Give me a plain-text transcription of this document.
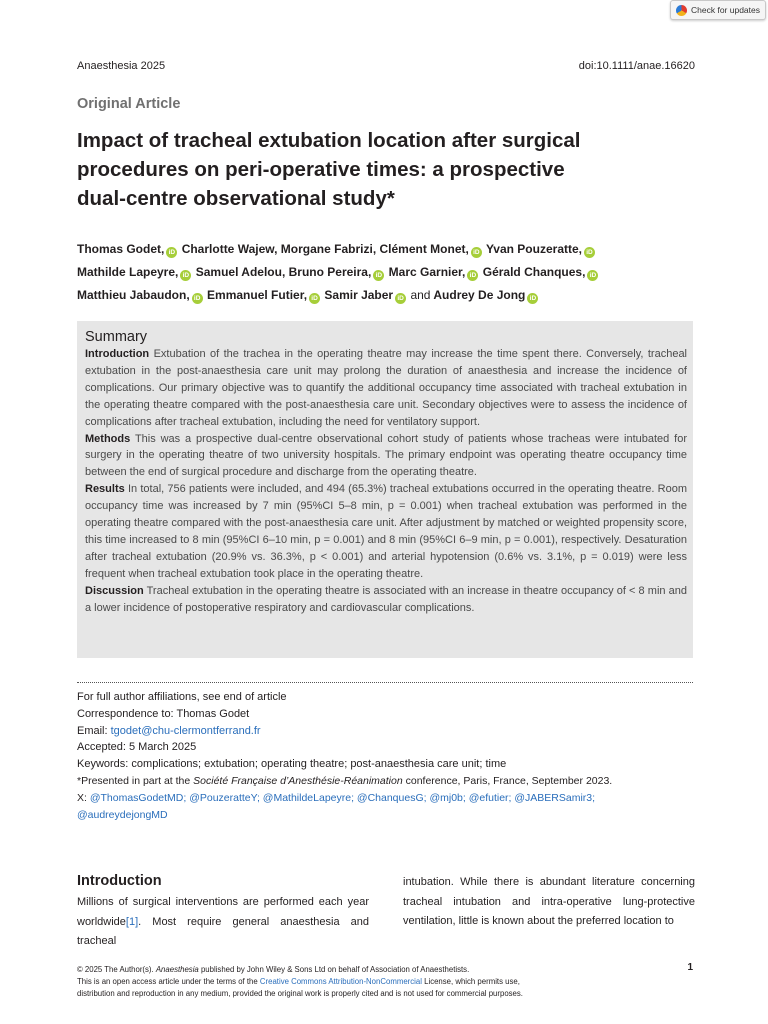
Check for updates
Anaesthesia 2025	doi:10.1111/anae.16620
Original Article
Impact of tracheal extubation location after surgical
procedures on peri-operative times: a prospective
dual-centre observational study*
Thomas Godet, iD Charlotte Wajew, Morgane Fabrizi, Clément Monet, iD Yvan Pouzeratte, iD
Mathilde Lapeyre, iD Samuel Adelou, Bruno Pereira, iD Marc Garnier, iD Gérald Chanques, iD
Matthieu Jabaudon, iD Emmanuel Futier, iD Samir Jaber iD and Audrey De Jong iD
Summary

Introduction Extubation of the trachea in the operating theatre may increase the time spent there. Conversely, tracheal extubation in the post-anaesthesia care unit may prolong the duration of anaesthesia and increase the incidence of complications. Our primary objective was to quantify the additional occupancy time associated with tracheal extubation in the operating theatre compared with the post-anaesthesia care unit. Secondary objectives were to assess the incidence of complications after tracheal extubation, including the need for ventilatory support.

Methods This was a prospective dual-centre observational cohort study of patients whose tracheas were intubated for surgery in the operating theatre of two university hospitals. The primary endpoint was operating theatre occupancy time between the end of surgical procedure and discharge from the operating theatre.

Results In total, 756 patients were included, and 494 (65.3%) tracheal extubations occurred in the operating theatre. Room occupancy time was increased by 7 min (95%CI 5–8 min, p = 0.001) when tracheal extubation was performed in the operating theatre compared with the post-anaesthesia care unit. After adjustment by matched or weighted propensity score, this time increased to 8 min (95%CI 6–10 min, p = 0.001) and 8 min (95%CI 6–9 min, p = 0.001), respectively. Desaturation after tracheal extubation (20.9% vs. 36.3%, p < 0.001) and arterial hypotension (0.6% vs. 3.1%, p = 0.019) were less frequent when tracheal extubation took place in the operating theatre.

Discussion Tracheal extubation in the operating theatre is associated with an increase in theatre occupancy of < 8 min and a lower incidence of postoperative respiratory and cardiovascular complications.

For full author affiliations, see end of article
Correspondence to: Thomas Godet
Email: tgodet@chu-clermontferrand.fr
Accepted: 5 March 2025
Keywords: complications; extubation; operating theatre; post-anaesthesia care unit; time
*Presented in part at the Société Française d’Anesthésie-Réanimation conference, Paris, France, September 2023.
X: @ThomasGodetMD; @PouzeratteY; @MathildeLapeyre; @ChanquesG; @mj0b; @efutier; @JABERSamir3;
@audreydejongMD
Introduction
Millions of surgical interventions are performed each year worldwide[1]. Most require general anaesthesia and tracheal
intubation. While there is abundant literature concerning tracheal intubation and intra-operative lung-protective ventilation, little is known about the preferred location to
© 2025 The Author(s). Anaesthesia published by John Wiley & Sons Ltd on behalf of Association of Anaesthetists.
This is an open access article under the terms of the Creative Commons Attribution-NonCommercial License, which permits use,
distribution and reproduction in any medium, provided the original work is properly cited and is not used for commercial purposes.
1
